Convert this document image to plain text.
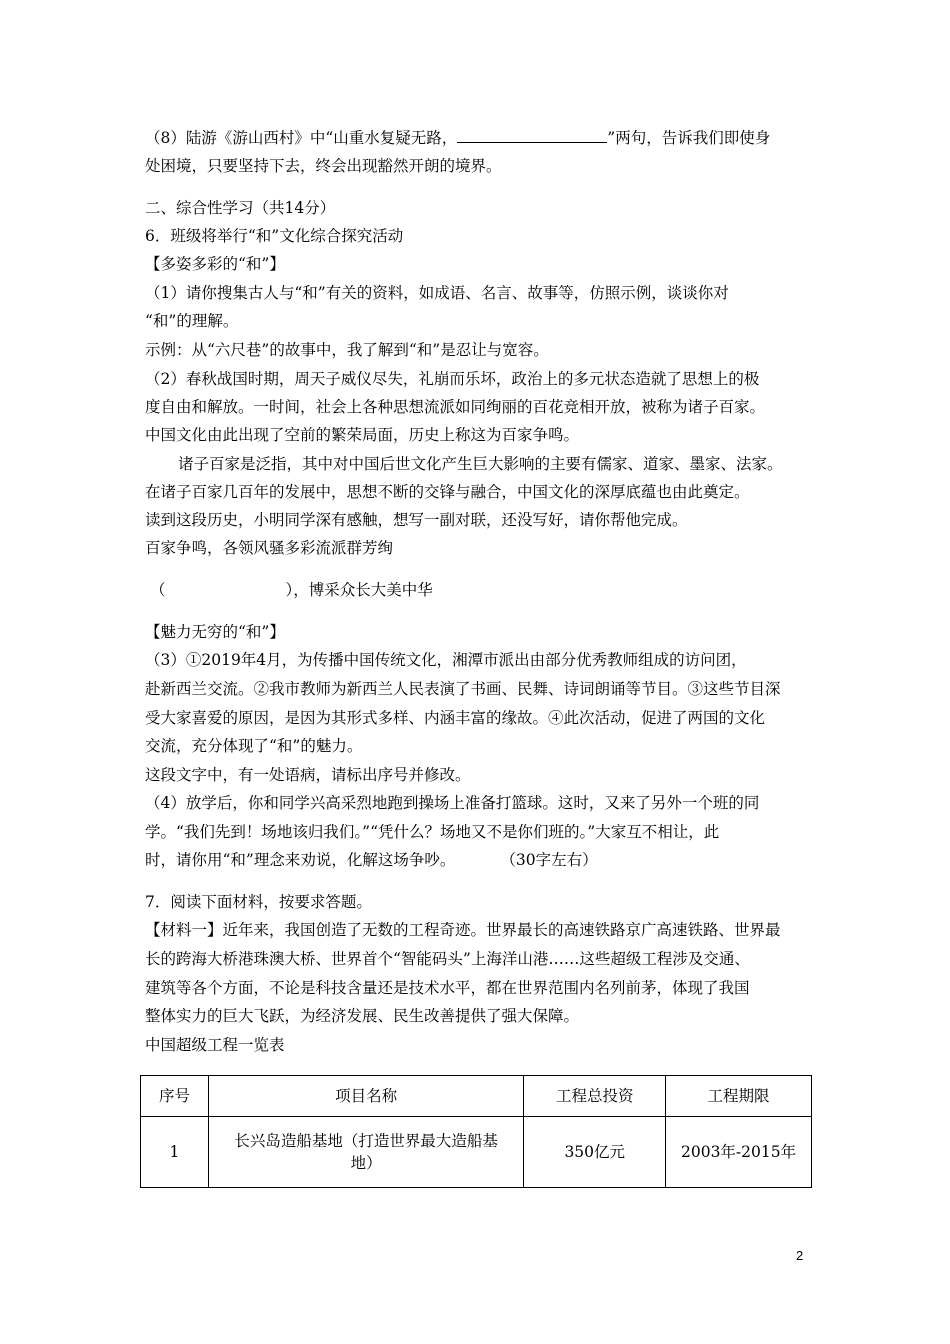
（8）陆游《游山西村》中“山重水复疑无路，	”两句，告诉我们即使身
处困境，只要坚持下去，终会出现豁然开朗的境界。
二、综合性学习（共14分）
6．班级将举行“和”文化综合探究活动
【多姿多彩的“和”】
（1）请你搜集古人与“和”有关的资料，如成语、名言、故事等，仿照示例，谈谈你对
“和”的理解。
示例：从“六尺巷”的故事中，我了解到“和”是忍让与宽容。
（2）春秋战国时期，周天子威仪尽失，礼崩而乐坏，政治上的多元状态造就了思想上的极
度自由和解放。一时间，社会上各种思想流派如同绚丽的百花竞相开放，被称为诸子百家。
中国文化由此出现了空前的繁荣局面，历史上称这为百家争鸣。
诸子百家是泛指，其中对中国后世文化产生巨大影响的主要有儒家、道家、墨家、法家。
在诸子百家几百年的发展中，思想不断的交锋与融合，中国文化的深厚底蕴也由此奠定。
读到这段历史，小明同学深有感触，想写一副对联，还没写好，请你帮他完成。
百家争鸣，各领风骚多彩流派群芳绚
（	），博采众长大美中华
【魅力无穷的“和”】
（3）①2019年4月，为传播中国传统文化，湘潭市派出由部分优秀教师组成的访问团，
赴新西兰交流。②我市教师为新西兰人民表演了书画、民舞、诗词朗诵等节目。③这些节目深
受大家喜爱的原因，是因为其形式多样、内涵丰富的缘故。④此次活动，促进了两国的文化
交流，充分体现了“和”的魅力。
这段文字中，有一处语病，请标出序号并修改。
（4）放学后，你和同学兴高采烈地跑到操场上准备打篮球。这时，又来了另外一个班的同
学。“我们先到！场地该归我们。”“凭什么？场地又不是你们班的。”大家互不相让，此
时，请你用“和”理念来劝说，化解这场争吵。	（30字左右）
7．阅读下面材料，按要求答题。
【材料一】近年来，我国创造了无数的工程奇迹。世界最长的高速铁路京广高速铁路、世界最
长的跨海大桥港珠澳大桥、世界首个“智能码头”上海洋山港……这些超级工程涉及交通、
建筑等各个方面，不论是科技含量还是技术水平，都在世界范围内名列前茅，体现了我国
整体实力的巨大飞跃，为经济发展、民生改善提供了强大保障。
中国超级工程一览表
序号	项目名称	工程总投资	工程期限
1	长兴岛造船基地（打造世界最大造船基
地）	350亿元	2003年-2015年
2
